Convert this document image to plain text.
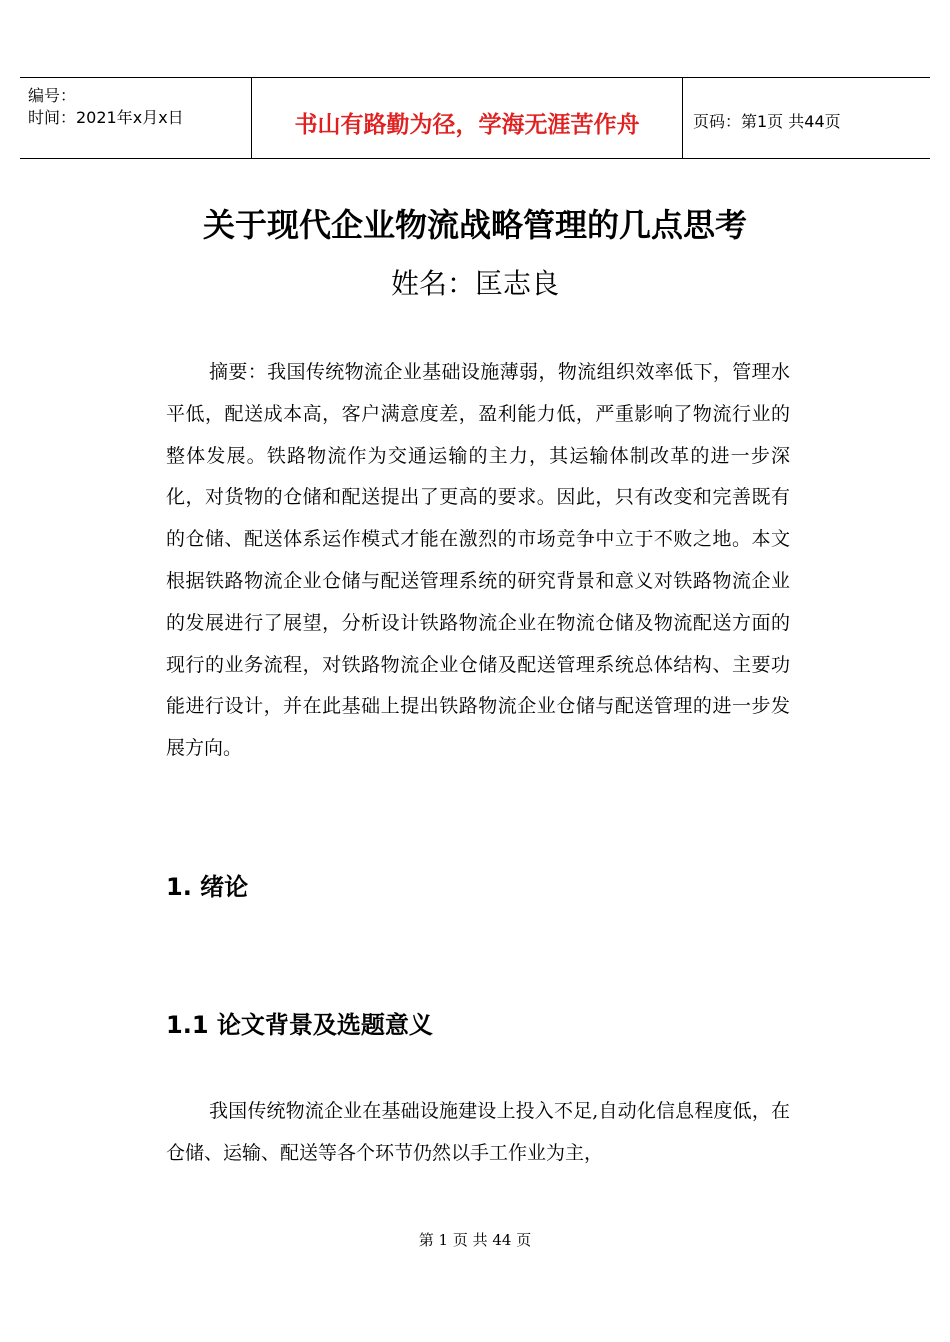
编号：
时间：2021年x月x日	书山有路勤为径，学海无涯苦作舟	页码：第1页 共44页
关于现代企业物流战略管理的几点思考
姓名：匡志良

摘要：我国传统物流企业基础设施薄弱，物流组织效率低下，管理水平低，配送成本高，客户满意度差，盈利能力低，严重影响了物流行业的整体发展。铁路物流作为交通运输的主力，其运输体制改革的进一步深化，对货物的仓储和配送提出了更高的要求。因此，只有改变和完善既有的仓储、配送体系运作模式才能在激烈的市场竞争中立于不败之地。本文根据铁路物流企业仓储与配送管理系统的研究背景和意义对铁路物流企业的发展进行了展望，分析设计铁路物流企业在物流仓储及物流配送方面的现行的业务流程，对铁路物流企业仓储及配送管理系统总体结构、主要功能进行设计，并在此基础上提出铁路物流企业仓储与配送管理的进一步发展方向。

1. 绪论
1.1 论文背景及选题意义

我国传统物流企业在基础设施建设上投入不足,自动化信息程度低，在仓储、运输、配送等各个环节仍然以手工作业为主，

第 1 页 共 44 页
